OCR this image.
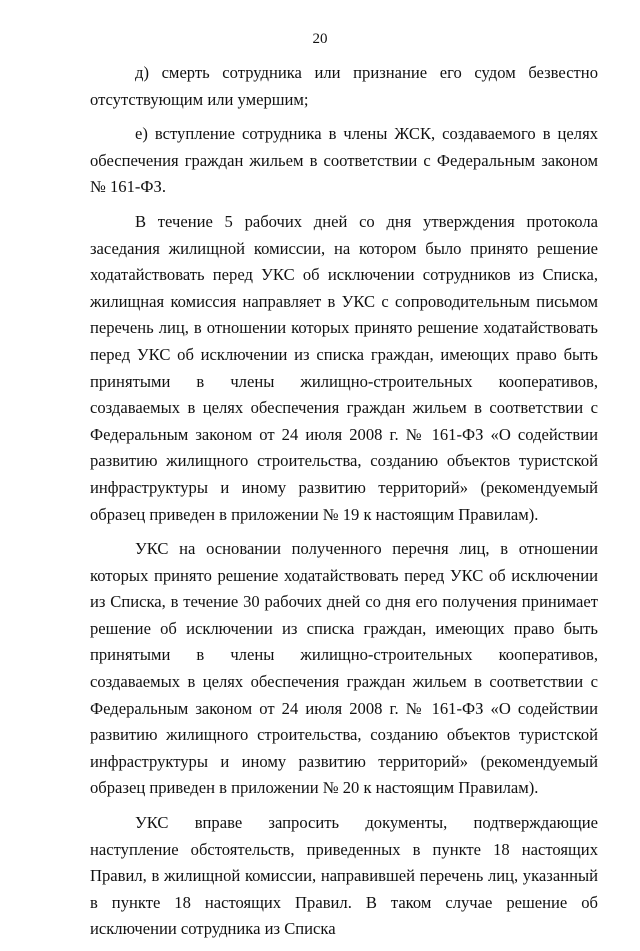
20

д) смерть сотрудника или признание его судом безвестно отсутствующим или умершим;

е) вступление сотрудника в члены ЖСК, создаваемого в целях обеспечения граждан жильем в соответствии с Федеральным законом № 161-ФЗ.

В течение 5 рабочих дней со дня утверждения протокола заседания жилищной комиссии, на котором было принято решение ходатайствовать перед УКС об исключении сотрудников из Списка, жилищная комиссия направляет в УКС с сопроводительным письмом перечень лиц, в отношении которых принято решение ходатайствовать перед УКС об исключении из списка граждан, имеющих право быть принятыми в члены жилищно-строительных кооперативов, создаваемых в целях обеспечения граждан жильем в соответствии с Федеральным законом от 24 июля 2008 г. № 161-ФЗ «О содействии развитию жилищного строительства, созданию объектов туристской инфраструктуры и иному развитию территорий» (рекомендуемый образец приведен в приложении № 19 к настоящим Правилам).

УКС на основании полученного перечня лиц, в отношении которых принято решение ходатайствовать перед УКС об исключении из Списка, в течение 30 рабочих дней со дня его получения принимает решение об исключении из списка граждан, имеющих право быть принятыми в члены жилищно-строительных кооперативов, создаваемых в целях обеспечения граждан жильем в соответствии с Федеральным законом от 24 июля 2008 г. № 161-ФЗ «О содействии развитию жилищного строительства, созданию объектов туристской инфраструктуры и иному развитию территорий» (рекомендуемый образец приведен в приложении № 20 к настоящим Правилам).

УКС вправе запросить документы, подтверждающие наступление обстоятельств, приведенных в пункте 18 настоящих Правил, в жилищной комиссии, направившей перечень лиц, указанный в пункте 18 настоящих Правил. В таком случае решение об исключении сотрудника из Списка
